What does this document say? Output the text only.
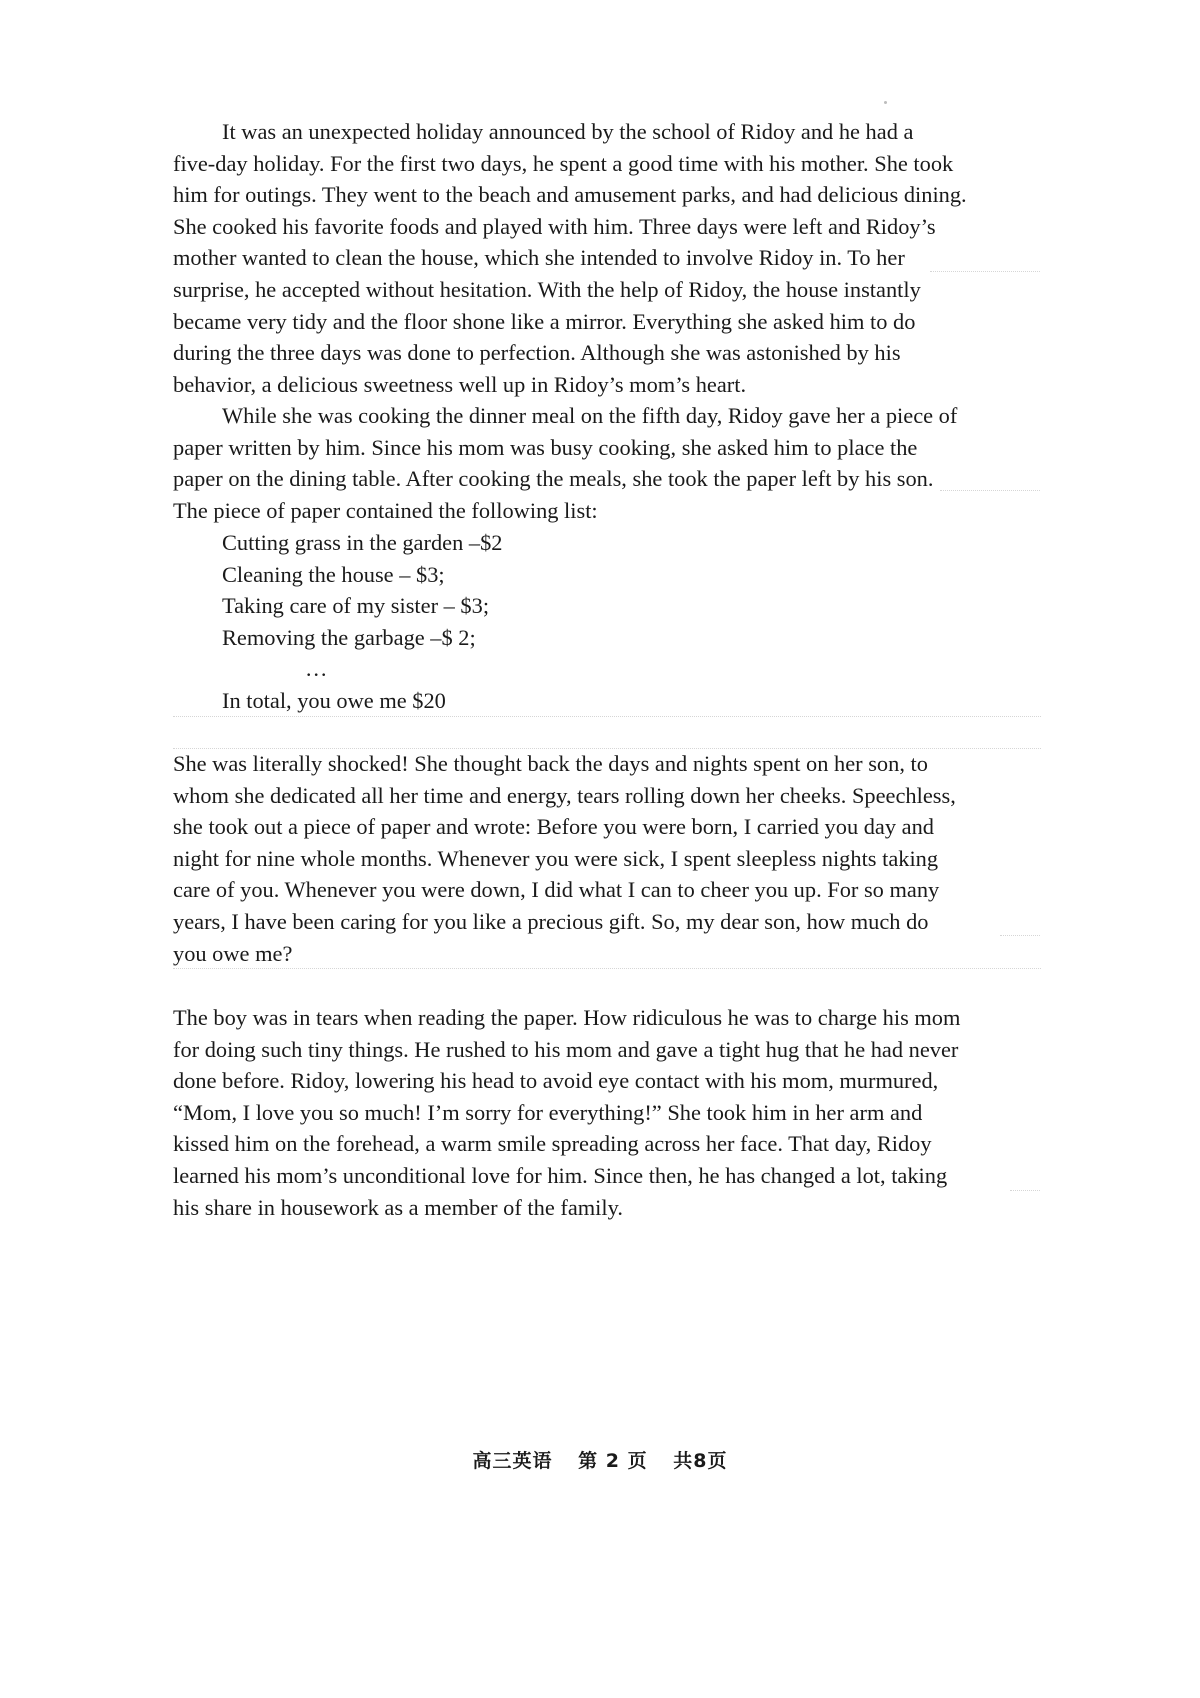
It was an unexpected holiday announced by the school of Ridoy and he had a
five-day holiday. For the first two days, he spent a good time with his mother. She took
him for outings. They went to the beach and amusement parks, and had delicious dining.
She cooked his favorite foods and played with him. Three days were left and Ridoy’s
mother wanted to clean the house, which she intended to involve Ridoy in. To her
surprise, he accepted without hesitation. With the help of Ridoy, the house instantly
became very tidy and the floor shone like a mirror. Everything she asked him to do
during the three days was done to perfection. Although she was astonished by his
behavior, a delicious sweetness well up in Ridoy’s mom’s heart.
While she was cooking the dinner meal on the fifth day, Ridoy gave her a piece of
paper written by him. Since his mom was busy cooking, she asked him to place the
paper on the dining table. After cooking the meals, she took the paper left by his son.
The piece of paper contained the following list:
Cutting grass in the garden –$2
Cleaning the house – $3;
Taking care of my sister – $3;
Removing the garbage –$ 2;
…
In total, you owe me $20
She was literally shocked! She thought back the days and nights spent on her son, to
whom she dedicated all her time and energy, tears rolling down her cheeks. Speechless,
she took out a piece of paper and wrote: Before you were born, I carried you day and
night for nine whole months. Whenever you were sick, I spent sleepless nights taking
care of you. Whenever you were down, I did what I can to cheer you up. For so many
years, I have been caring for you like a precious gift. So, my dear son, how much do
you owe me?
The boy was in tears when reading the paper. How ridiculous he was to charge his mom
for doing such tiny things. He rushed to his mom and gave a tight hug that he had never
done before. Ridoy, lowering his head to avoid eye contact with his mom, murmured,
“Mom, I love you so much! I’m sorry for everything!” She took him in her arm and
kissed him on the forehead, a warm smile spreading across her face. That day, Ridoy
learned his mom’s unconditional love for him. Since then, he has changed a lot, taking
his share in housework as a member of the family.
高三英语 第 2 页 共8页
